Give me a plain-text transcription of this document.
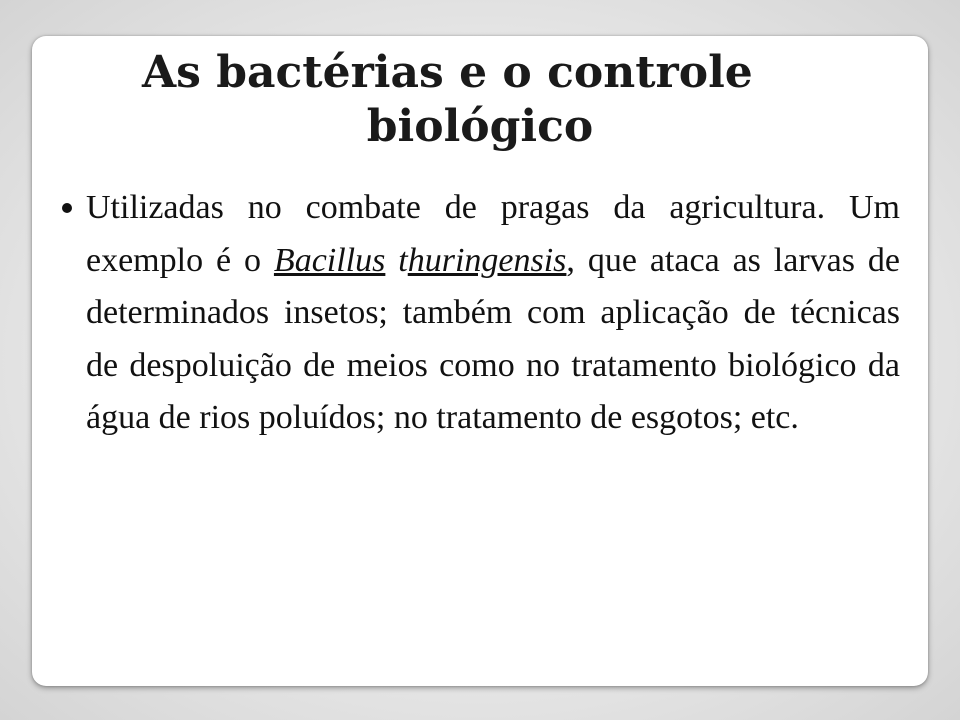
As bactérias e o controle
biológico
Utilizadas no combate de pragas da agricultura. Um exemplo é o Bacillus thuringensis, que ataca as larvas de determinados insetos; também com aplicação de técnicas de despoluição de meios como no tratamento biológico da água de rios poluídos; no tratamento de esgotos; etc.
